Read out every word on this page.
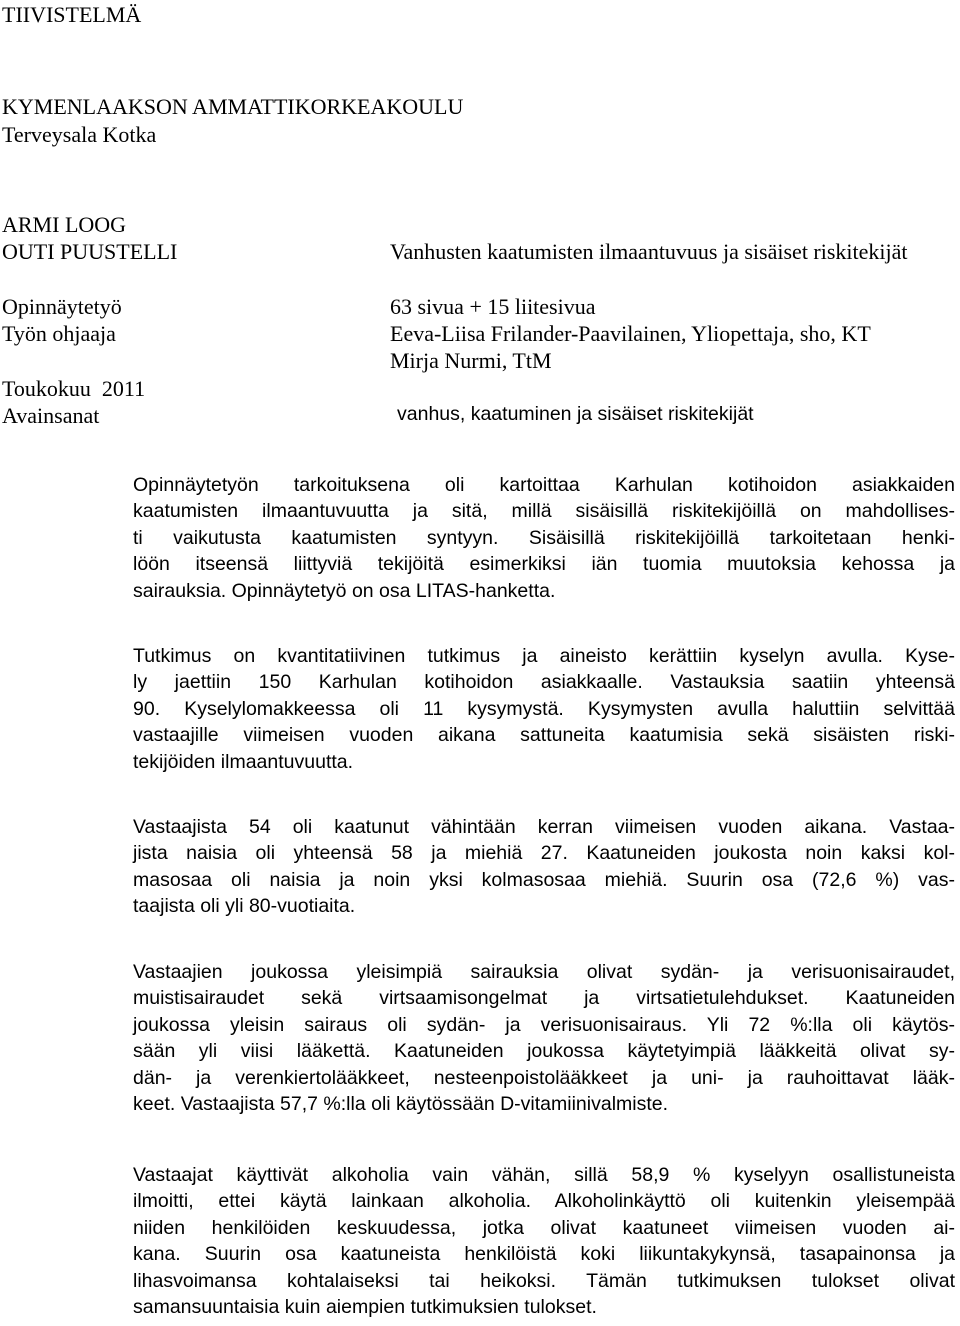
TIIVISTELMÄ
KYMENLAAKSON AMMATTIKORKEAKOULU
Terveysala Kotka
ARMI LOOG
OUTI PUUSTELLI	Vanhusten kaatumisten ilmaantuvuus ja sisäiset riskitekijät
Opinnäytetyö	63 sivua + 15 liitesivua
Työn ohjaaja	Eeva-Liisa Frilander-Paavilainen, Yliopettaja, sho, KT
Mirja Nurmi, TtM
Toukokuu  2011
Avainsanat	vanhus, kaatuminen ja sisäiset riskitekijät
Opinnäytetyön tarkoituksena oli kartoittaa Karhulan kotihoidon asiakkaiden
kaatumisten ilmaantuvuutta ja sitä, millä sisäisillä riskitekijöillä on mahdollises-
ti vaikutusta kaatumisten syntyyn. Sisäisillä riskitekijöillä tarkoitetaan henki-
löön itseensä liittyviä tekijöitä esimerkiksi iän tuomia muutoksia kehossa ja
sairauksia. Opinnäytetyö on osa LITAS-hanketta.
Tutkimus on kvantitatiivinen tutkimus ja aineisto kerättiin kyselyn avulla. Kyse-
ly jaettiin 150 Karhulan kotihoidon asiakkaalle. Vastauksia saatiin yhteensä
90. Kyselylomakkeessa oli 11 kysymystä. Kysymysten avulla haluttiin selvittää
vastaajille viimeisen vuoden aikana sattuneita kaatumisia sekä sisäisten riski-
tekijöiden ilmaantuvuutta.
Vastaajista 54 oli kaatunut vähintään kerran viimeisen vuoden aikana. Vastaa-
jista naisia oli yhteensä 58 ja miehiä 27. Kaatuneiden joukosta noin kaksi kol-
masosaa oli naisia ja noin yksi kolmasosaa miehiä. Suurin osa (72,6 %) vas-
taajista oli yli 80-vuotiaita.
Vastaajien joukossa yleisimpiä sairauksia olivat sydän- ja verisuonisairaudet,
muistisairaudet sekä virtsaamisongelmat ja virtsatietulehdukset. Kaatuneiden
joukossa yleisin sairaus oli sydän- ja verisuonisairaus. Yli 72 %:lla oli käytös-
sään yli viisi lääkettä. Kaatuneiden joukossa käytetyimpiä lääkkeitä olivat sy-
dän- ja verenkiertolääkkeet, nesteenpoistolääkkeet ja uni- ja rauhoittavat lääk-
keet. Vastaajista 57,7 %:lla oli käytössään D-vitamiinivalmiste.
Vastaajat käyttivät alkoholia vain vähän, sillä 58,9 % kyselyyn osallistuneista
ilmoitti, ettei käytä lainkaan alkoholia. Alkoholinkäyttö oli kuitenkin yleisempää
niiden henkilöiden keskuudessa, jotka olivat kaatuneet viimeisen vuoden ai-
kana. Suurin osa kaatuneista henkilöistä koki liikuntakykynsä, tasapainonsa ja
lihasvoimansa kohtalaiseksi tai heikoksi. Tämän tutkimuksen tulokset olivat
samansuuntaisia kuin aiempien tutkimuksien tulokset.
